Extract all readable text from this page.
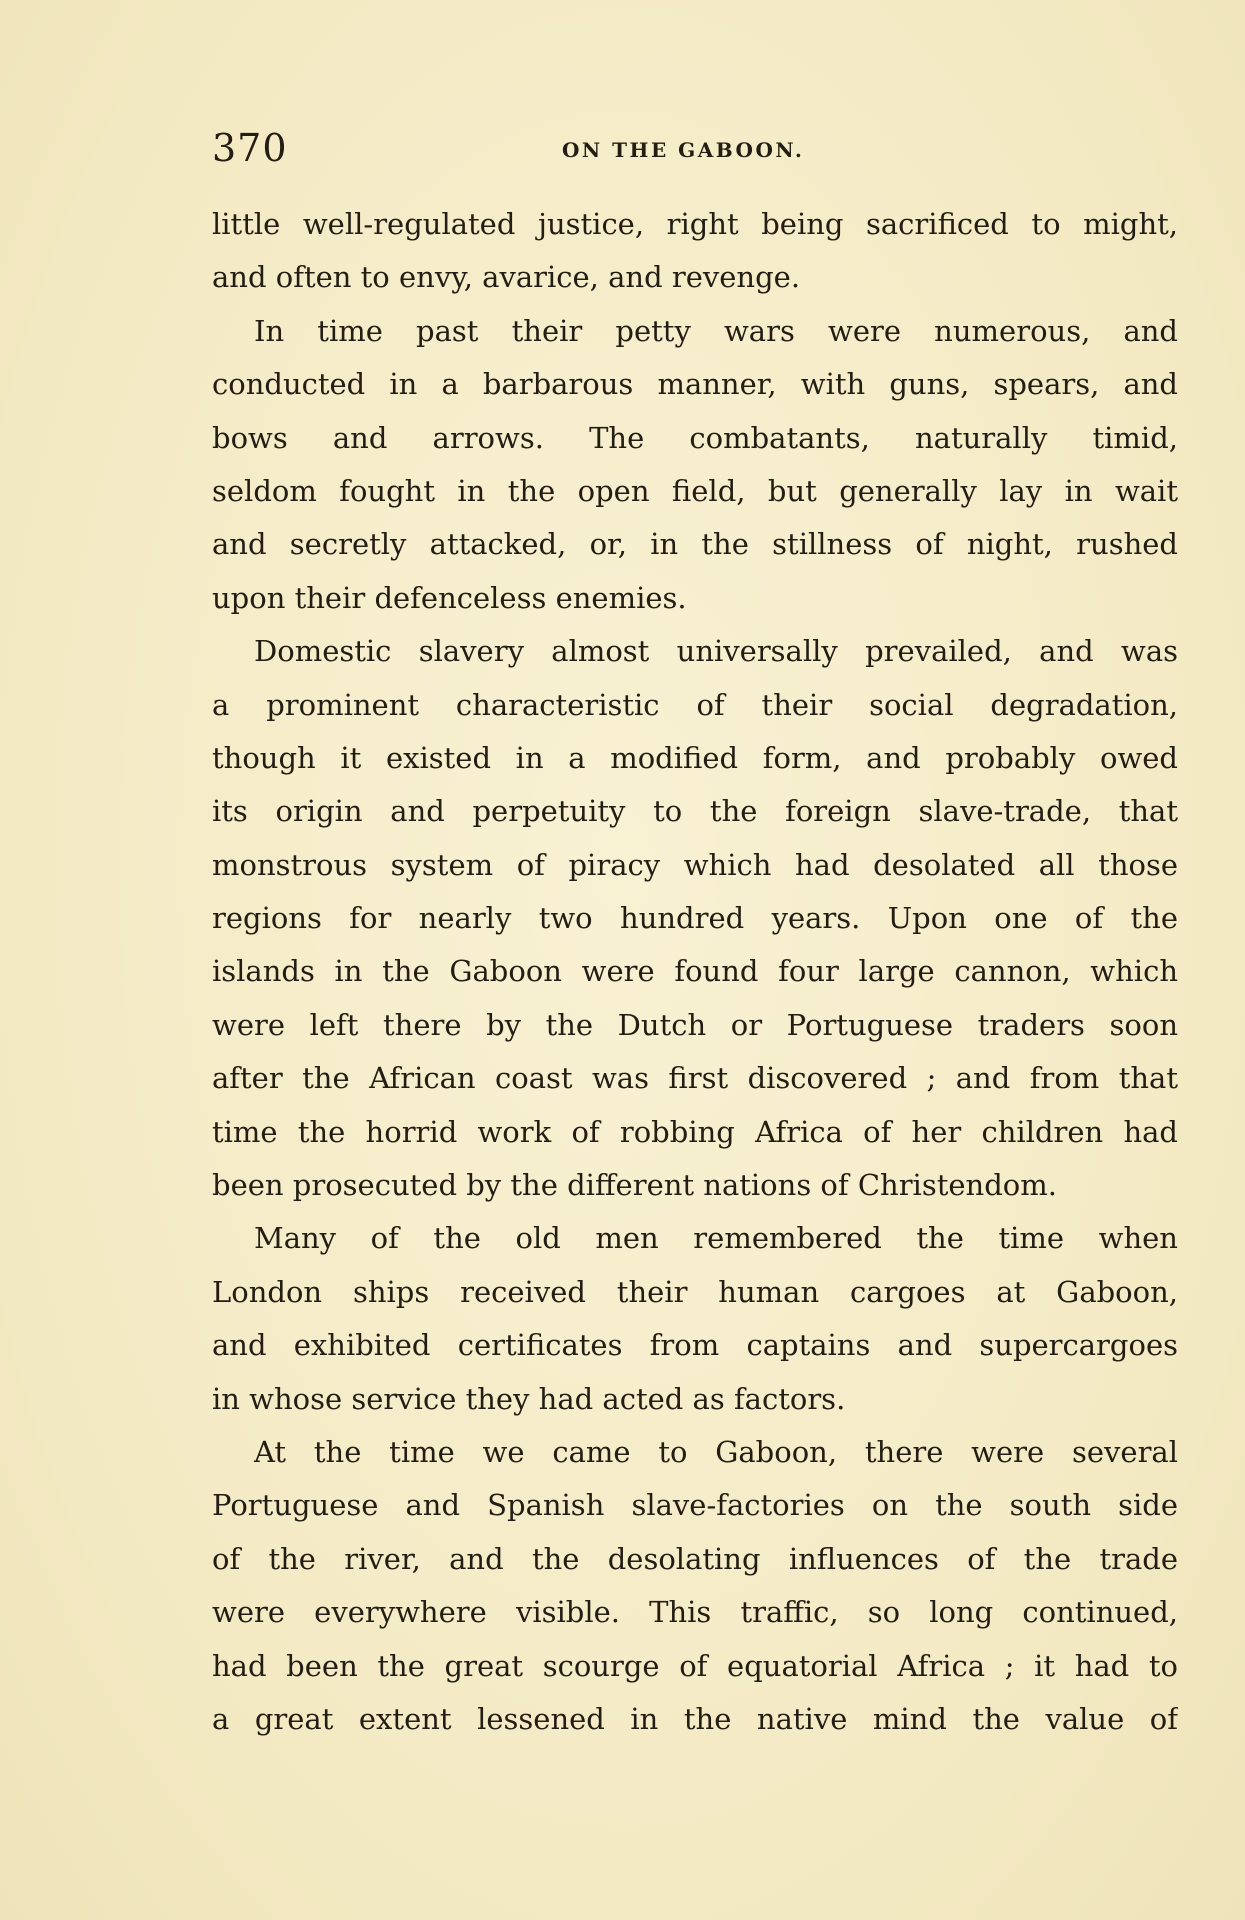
370	ON THE GABOON.
little well-regulated justice, right being sacrificed to might,
and often to envy, avarice, and revenge.
In time past their petty wars were numerous, and
conducted in a barbarous manner, with guns, spears, and
bows and arrows. The combatants, naturally timid,
seldom fought in the open field, but generally lay in wait
and secretly attacked, or, in the stillness of night, rushed
upon their defenceless enemies.
Domestic slavery almost universally prevailed, and was
a prominent characteristic of their social degradation,
though it existed in a modified form, and probably owed
its origin and perpetuity to the foreign slave-trade, that
monstrous system of piracy which had desolated all those
regions for nearly two hundred years. Upon one of the
islands in the Gaboon were found four large cannon, which
were left there by the Dutch or Portuguese traders soon
after the African coast was first discovered ; and from that
time the horrid work of robbing Africa of her children had
been prosecuted by the different nations of Christendom.
Many of the old men remembered the time when
London ships received their human cargoes at Gaboon,
and exhibited certificates from captains and supercargoes
in whose service they had acted as factors.
At the time we came to Gaboon, there were several
Portuguese and Spanish slave-factories on the south side
of the river, and the desolating influences of the trade
were everywhere visible. This traffic, so long continued,
had been the great scourge of equatorial Africa ; it had to
a great extent lessened in the native mind the value of
